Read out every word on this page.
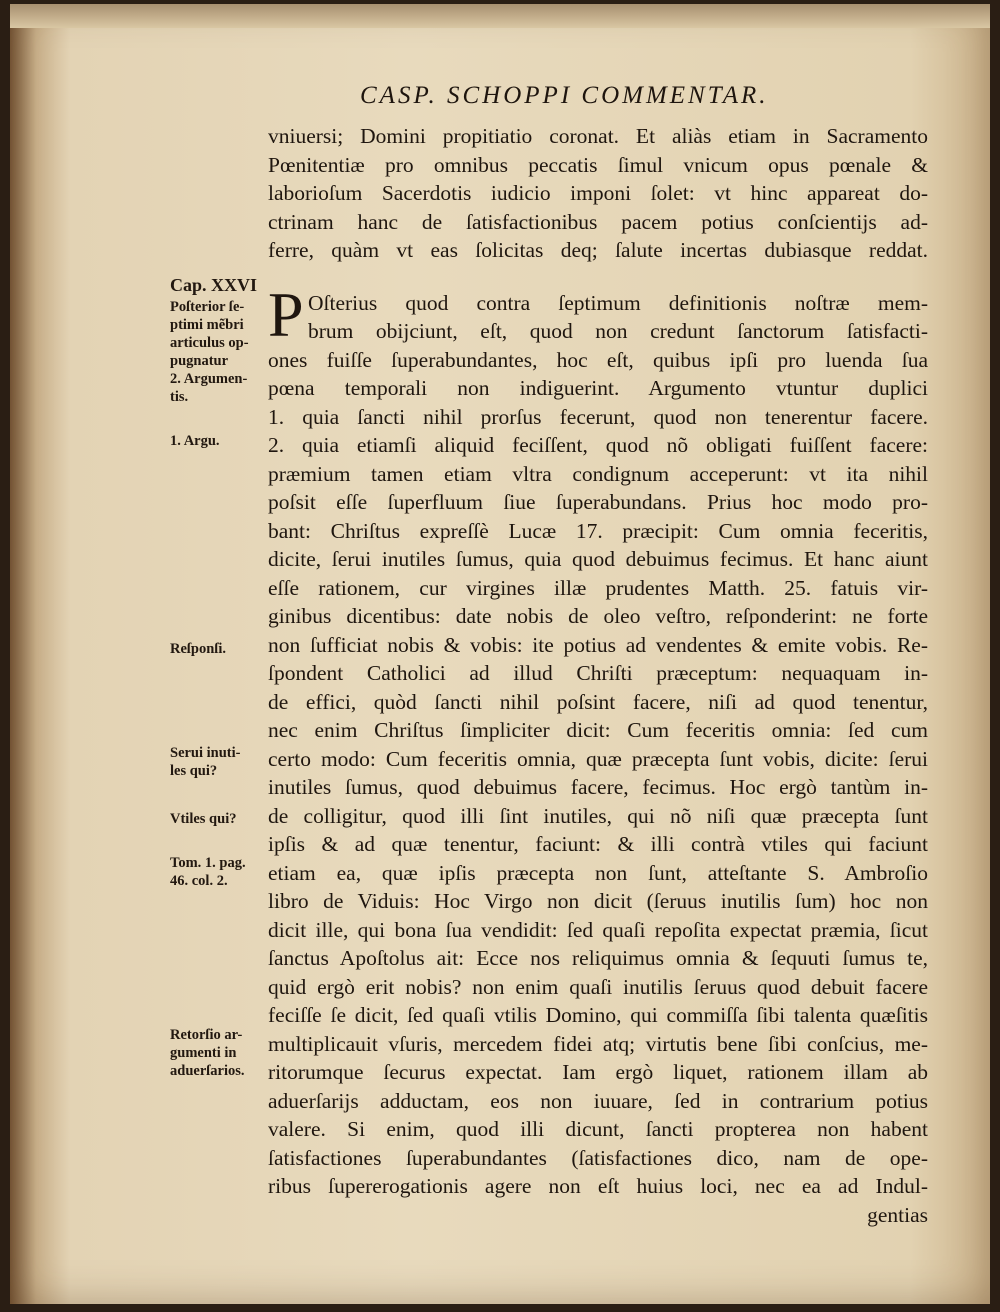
CASP. SCHOPPI COMMENTAR.
vniuersi; Domini propitiatio coronat. Et aliàs etiam in Sacramento
Pœnitentiæ pro omnibus peccatis ſimul vnicum opus pœnale &
laborioſum Sacerdotis iudicio imponi ſolet: vt hinc appareat do-
ctrinam hanc de ſatisfactionibus pacem potius conſcientijs ad-
ferre, quàm vt eas ſolicitas deq; ſalute incertas dubiasque reddat.
P Oſterius quod contra ſeptimum definitionis noſtræ mem-
brum obijciunt, eſt, quod non credunt ſanctorum ſatisfacti-
ones fuiſſe ſuperabundantes, hoc eſt, quibus ipſi pro luenda ſua
pœna temporali non indiguerint. Argumento vtuntur duplici
1. quia ſancti nihil prorſus fecerunt, quod non tenerentur facere.
2. quia etiamſi aliquid feciſſent, quod nõ obligati fuiſſent facere:
præmium tamen etiam vltra condignum acceperunt: vt ita nihil
poſsit eſſe ſuperfluum ſiue ſuperabundans. Prius hoc modo pro-
bant: Chriſtus expreſſè Lucæ 17. præcipit: Cum omnia feceritis,
dicite, ſerui inutiles ſumus, quia quod debuimus fecimus. Et hanc aiunt
eſſe rationem, cur virgines illæ prudentes Matth. 25. fatuis vir-
ginibus dicentibus: date nobis de oleo veſtro, reſponderint: ne forte
non ſufficiat nobis & vobis: ite potius ad vendentes & emite vobis. Re-
ſpondent Catholici ad illud Chriſti præceptum: nequaquam in-
de effici, quòd ſancti nihil poſsint facere, niſi ad quod tenentur,
nec enim Chriſtus ſimpliciter dicit: Cum feceritis omnia: ſed cum
certo modo: Cum feceritis omnia, quæ præcepta ſunt vobis, dicite: ſerui
inutiles ſumus, quod debuimus facere, fecimus. Hoc ergò tantùm in-
de colligitur, quod illi ſint inutiles, qui nõ niſi quæ præcepta ſunt
ipſis & ad quæ tenentur, faciunt: & illi contrà vtiles qui faciunt
etiam ea, quæ ipſis præcepta non ſunt, atteſtante S. Ambroſio
libro de Viduis: Hoc Virgo non dicit (ſeruus inutilis ſum) hoc non
dicit ille, qui bona ſua vendidit: ſed quaſi repoſita expectat præmia, ſicut
ſanctus Apoſtolus ait: Ecce nos reliquimus omnia & ſequuti ſumus te,
quid ergò erit nobis? non enim quaſi inutilis ſeruus quod debuit facere
feciſſe ſe dicit, ſed quaſi vtilis Domino, qui commiſſa ſibi talenta quæſitis
multiplicauit vſuris, mercedem fidei atq; virtutis bene ſibi conſcius, me-
ritorumque ſecurus expectat. Iam ergò liquet, rationem illam ab
aduerſarijs adductam, eos non iuuare, ſed in contrarium potius
valere. Si enim, quod illi dicunt, ſancti propterea non habent
ſatisfactiones ſuperabundantes (ſatisfactiones dico, nam de ope-
ribus ſupererogationis agere non eſt huius loci, nec ea ad Indul-
gentias
Cap. XXVI
Poſterior ſe-
ptimi mẽbri
articulus op-
pugnatur
2. Argumen-
tis.
1. Argu.
Reſponſi.
Serui inuti-
les qui?
Vtiles qui?
Tom. 1. pag.
46. col. 2.
Retorſio ar-
gumenti in
aduerſarios.
